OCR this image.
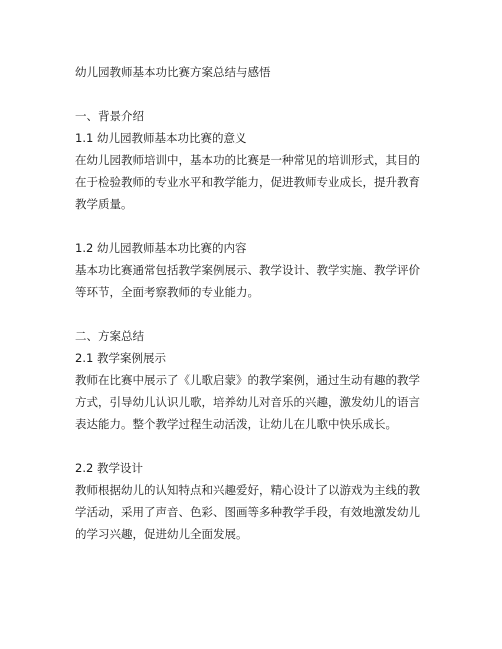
幼儿园教师基本功比赛方案总结与感悟
一、背景介绍
1.1 幼儿园教师基本功比赛的意义
在幼儿园教师培训中，基本功的比赛是一种常见的培训形式，其目的
在于检验教师的专业水平和教学能力，促进教师专业成长，提升教育
教学质量。
1.2 幼儿园教师基本功比赛的内容
基本功比赛通常包括教学案例展示、教学设计、教学实施、教学评价
等环节，全面考察教师的专业能力。
二、方案总结
2.1 教学案例展示
教师在比赛中展示了《儿歌启蒙》的教学案例，通过生动有趣的教学
方式，引导幼儿认识儿歌，培养幼儿对音乐的兴趣，激发幼儿的语言
表达能力。整个教学过程生动活泼，让幼儿在儿歌中快乐成长。
2.2 教学设计
教师根据幼儿的认知特点和兴趣爱好，精心设计了以游戏为主线的教
学活动，采用了声音、色彩、图画等多种教学手段，有效地激发幼儿
的学习兴趣，促进幼儿全面发展。
